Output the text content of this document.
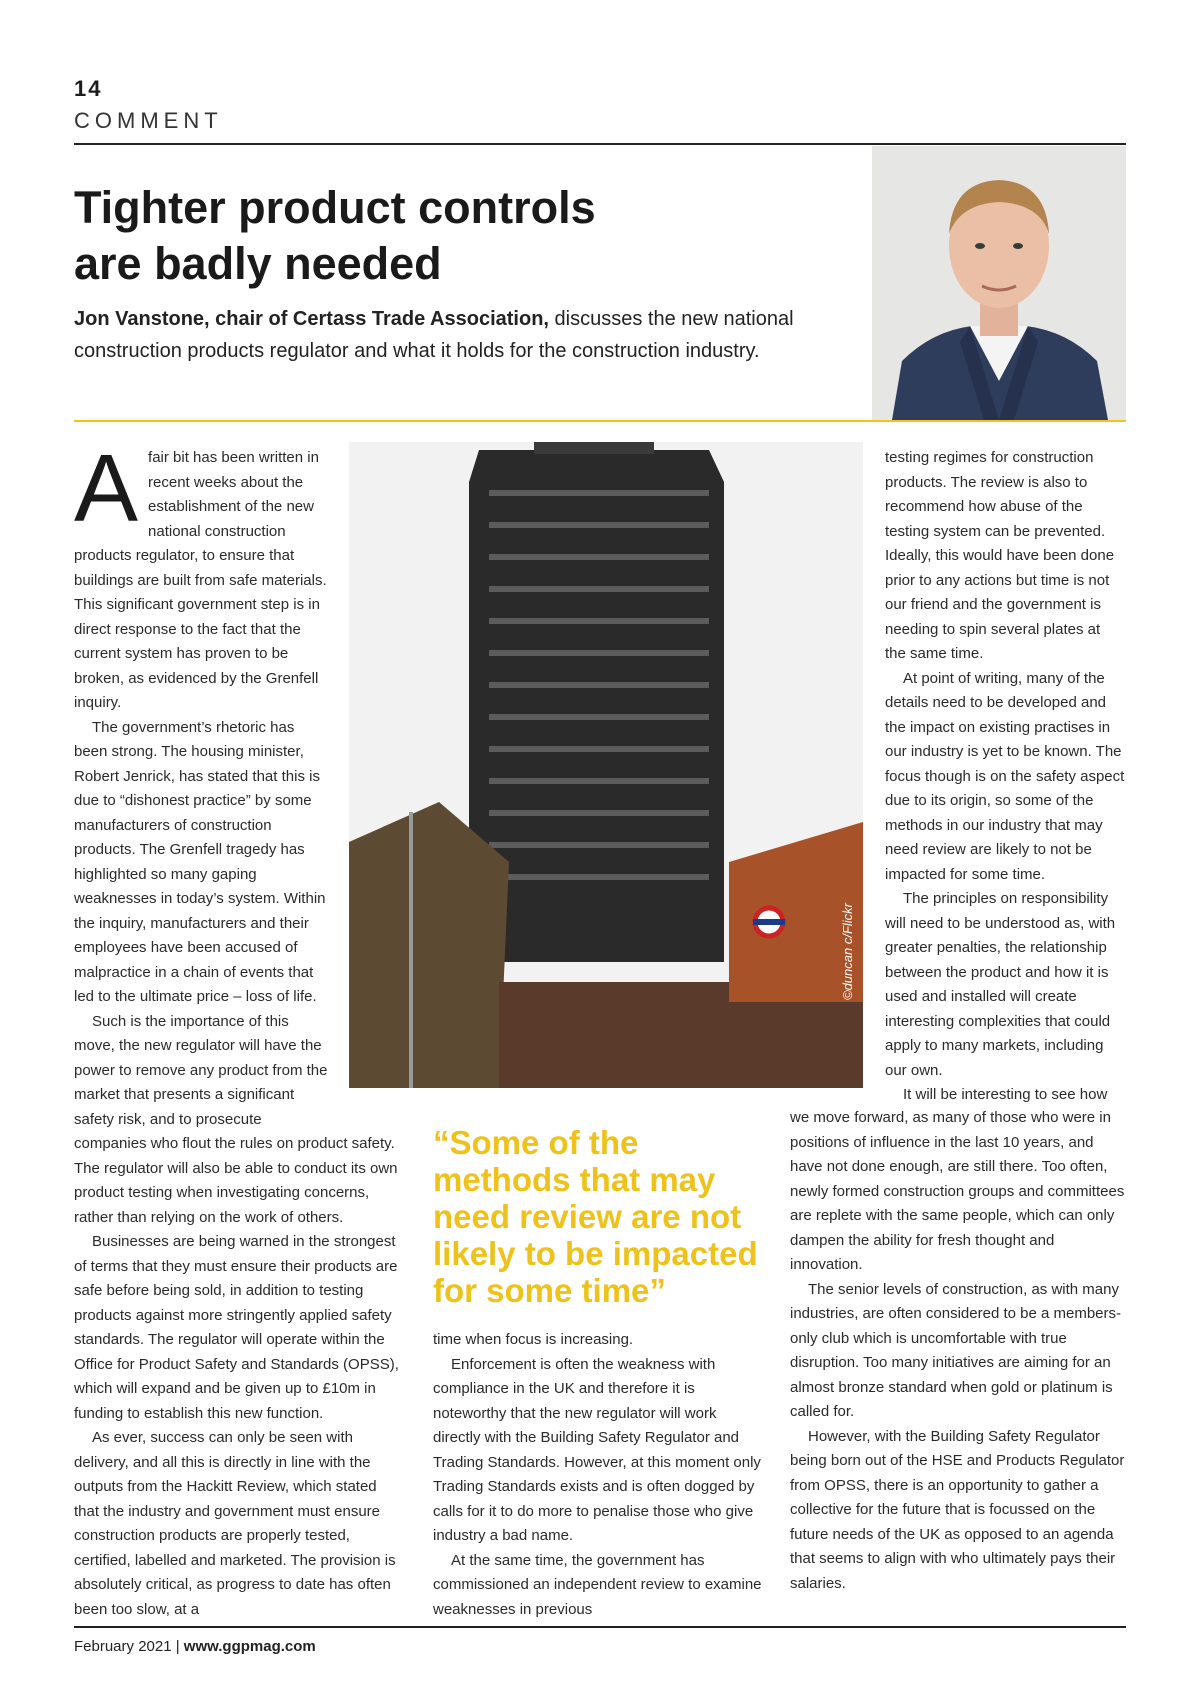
14
COMMENT
Tighter product controls
are badly needed

Jon Vanstone, chair of Certass Trade Association, discusses the new national construction products regulator and what it holds for the construction industry.

©duncan c/Flickr
A fair bit has been written in recent weeks about the establishment of the new national construction products regulator, to ensure that buildings are built from safe materials. This significant government step is in direct response to the fact that the current system has proven to be broken, as evidenced by the Grenfell inquiry.

The government’s rhetoric has been strong. The housing minister, Robert Jenrick, has stated that this is due to “dishonest practice” by some manufacturers of construction products. The Grenfell tragedy has highlighted so many gaping weaknesses in today’s system. Within the inquiry, manufacturers and their employees have been accused of malpractice in a chain of events that led to the ultimate price – loss of life.

Such is the importance of this move, the new regulator will have the power to remove any product from the market that presents a significant safety risk, and to prosecute

companies who flout the rules on product safety. The regulator will also be able to conduct its own product testing when investigating concerns, rather than relying on the work of others.

Businesses are being warned in the strongest of terms that they must ensure their products are safe before being sold, in addition to testing products against more stringently applied safety standards. The regulator will operate within the Office for Product Safety and Standards (OPSS), which will expand and be given up to £10m in funding to establish this new function.

As ever, success can only be seen with delivery, and all this is directly in line with the outputs from the Hackitt Review, which stated that the industry and government must ensure construction products are properly tested, certified, labelled and marketed. The provision is absolutely critical, as progress to date has often been too slow, at a

“Some of the methods that may need review are not likely to be impacted for some time”

time when focus is increasing.

Enforcement is often the weakness with compliance in the UK and therefore it is noteworthy that the new regulator will work directly with the Building Safety Regulator and Trading Standards. However, at this moment only Trading Standards exists and is often dogged by calls for it to do more to penalise those who give industry a bad name.

At the same time, the government has commissioned an independent review to examine weaknesses in previous

testing regimes for construction products. The review is also to recommend how abuse of the testing system can be prevented. Ideally, this would have been done prior to any actions but time is not our friend and the government is needing to spin several plates at the same time.

At point of writing, many of the details need to be developed and the impact on existing practises in our industry is yet to be known. The focus though is on the safety aspect due to its origin, so some of the methods in our industry that may need review are likely to not be impacted for some time.

The principles on responsibility will need to be understood as, with greater penalties, the relationship between the product and how it is used and installed will create interesting complexities that could apply to many markets, including our own.

It will be interesting to see how

we move forward, as many of those who were in positions of influence in the last 10 years, and have not done enough, are still there. Too often, newly formed construction groups and committees are replete with the same people, which can only dampen the ability for fresh thought and innovation.

The senior levels of construction, as with many industries, are often considered to be a members-only club which is uncomfortable with true disruption. Too many initiatives are aiming for an almost bronze standard when gold or platinum is called for.

However, with the Building Safety Regulator being born out of the HSE and Products Regulator from OPSS, there is an opportunity to gather a collective for the future that is focussed on the future needs of the UK as opposed to an agenda that seems to align with who ultimately pays their salaries.

February 2021 | www.ggpmag.com
